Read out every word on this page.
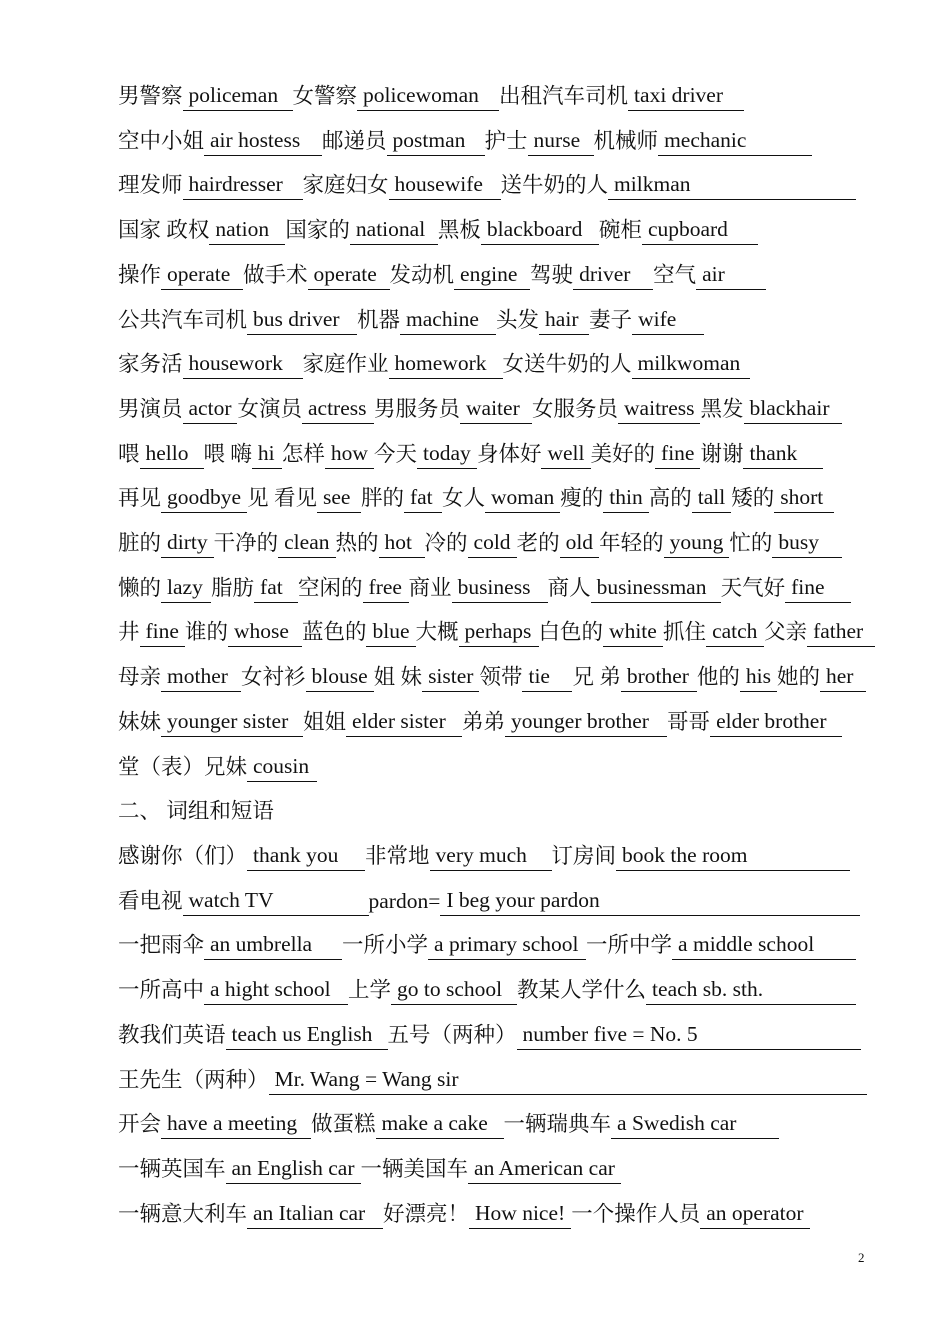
男警察 policeman 女警察 policewoman 出租汽车司机 taxi driver
空中小姐 air hostess 邮递员 postman 护士 nurse 机械师 mechanic
理发师 hairdresser 家庭妇女 housewife 送牛奶的人 milkman
国家 政权 nation 国家的 national 黑板 blackboard 碗柜 cupboard
操作 operate 做手术 operate 发动机 engine 驾驶 driver 空气 air
公共汽车司机 bus driver 机器 machine 头发 hair 妻子 wife
家务活 housework 家庭作业 homework 女送牛奶的人 milkwoman
男演员 actor 女演员 actress 男服务员 waiter 女服务员 waitress 黑发 blackhair
喂 hello 喂 嗨 hi 怎样 how 今天 today 身体好 well 美好的 fine 谢谢 thank
再见 goodbye 见 看见 see 胖的 fat 女人 woman 瘦的 thin 高的 tall 矮的 short
脏的 dirty 干净的 clean 热的 hot 冷的 cold 老的 old 年轻的 young 忙的 busy
懒的 lazy 脂肪 fat 空闲的 free 商业 business 商人 businessman 天气好 fine
井 fine 谁的 whose 蓝色的 blue 大概 perhaps 白色的 white 抓住 catch 父亲 father
母亲 mother 女衬衫 blouse 姐 妹 sister 领带 tie 兄 弟 brother 他的 his 她的 her
妹妹 younger sister 姐姐 elder sister 弟弟 younger brother 哥哥 elder brother
堂（表）兄妹 cousin
二、 词组和短语
感谢你（们） thank you 非常地 very much 订房间 book the room
看电视 watch TV	pardon= I beg your pardon
一把雨伞 an umbrella 一所小学 a primary school 一所中学 a middle school
一所高中 a hight school 上学 go to school 教某人学什么 teach sb. sth.
教我们英语 teach us English 五号（两种） number five = No. 5
王先生（两种）Mr. Wang = Wang sir
开会 have a meeting 做蛋糕 make a cake 一辆瑞典车 a Swedish car
一辆英国车 an English car 一辆美国车 an American car
一辆意大利车 an Italian car好漂亮！ How nice!一个操作人员 an operator
2
